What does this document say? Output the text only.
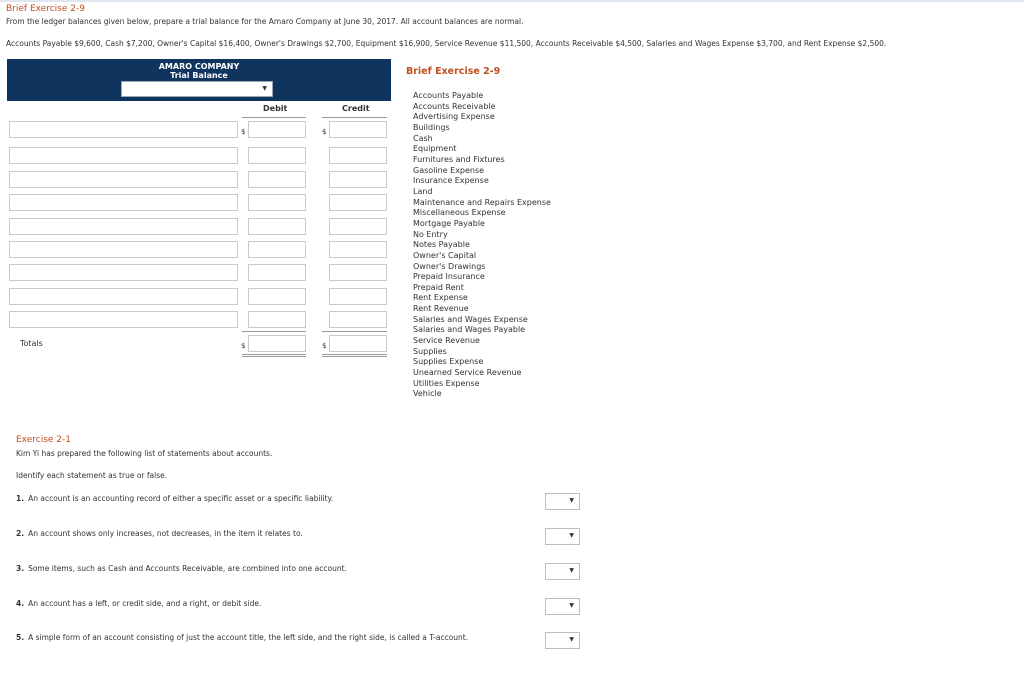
Brief Exercise 2-9
From the ledger balances given below, prepare a trial balance for the Amaro Company at June 30, 2017. All account balances are normal.
Accounts Payable $9,600, Cash $7,200, Owner's Capital $16,400, Owner's Drawings $2,700, Equipment $16,900, Service Revenue $11,500, Accounts Receivable $4,500, Salaries and Wages Expense $3,700, and Rent Expense $2,500.
AMARO COMPANY
Trial Balance
▼
Debit	Credit
$	$
Totals	$	$
Brief Exercise 2-9
Accounts Payable
Accounts Receivable
Advertising Expense
Buildings
Cash
Equipment
Furnitures and Fixtures
Gasoline Expense
Insurance Expense
Land
Maintenance and Repairs Expense
Miscellaneous Expense
Mortgage Payable
No Entry
Notes Payable
Owner's Capital
Owner's Drawings
Prepaid Insurance
Prepaid Rent
Rent Expense
Rent Revenue
Salaries and Wages Expense
Salaries and Wages Payable
Service Revenue
Supplies
Supplies Expense
Unearned Service Revenue
Utilities Expense
Vehicle
Exercise 2-1
Kim Yi has prepared the following list of statements about accounts.
Identify each statement as true or false.
1. An account is an accounting record of either a specific asset or a specific liability.	▼
2. An account shows only increases, not decreases, in the item it relates to.	▼
3. Some items, such as Cash and Accounts Receivable, are combined into one account.	▼
4. An account has a left, or credit side, and a right, or debit side.	▼
5. A simple form of an account consisting of just the account title, the left side, and the right side, is called a T-account.	▼
